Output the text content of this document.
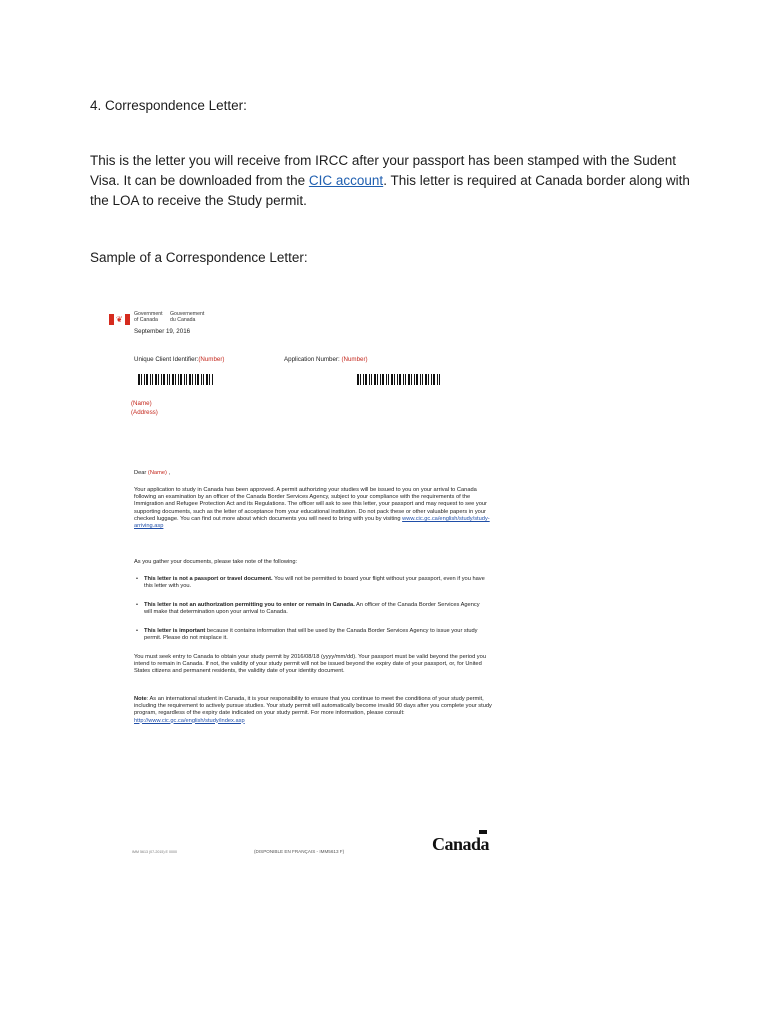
4. Correspondence Letter:
This is the letter you will receive from IRCC after your passport has been stamped with the Sudent Visa. It can be downloaded from the CIC account. This letter is required at Canada border along with the LOA to receive the Study permit.
Sample of a Correspondence Letter:
❦
Government
of Canada
Gouvernement
du Canada
September 19, 2016
Unique Client Identifier:(Number)	Application Number: (Number)
(Name)
(Address)
Dear (Name) ,
Your application to study in Canada has been approved. A permit authorizing your studies will be issued to you on your arrival to Canada following an examination by an officer of the Canada Border Services Agency, subject to your compliance with the requirements of the Immigration and Refugee Protection Act and its Regulations. The officer will ask to see this letter, your passport and may request to see your supporting documents, such as the letter of acceptance from your educational institution. Do not pack these or other valuable papers in your checked luggage. You can find out more about which documents you will need to bring with you by visiting www.cic.gc.ca/english/study/study-arriving.asp
As you gather your documents, please take note of the following:
• This letter is not a passport or travel document. You will not be permitted to board your flight without your passport, even if you have this letter with you.
• This letter is not an authorization permitting you to enter or remain in Canada. An officer of the Canada Border Services Agency will make that determination upon your arrival to Canada.
• This letter is important because it contains information that will be used by the Canada Border Services Agency to issue your study permit. Please do not misplace it.
You must seek entry to Canada to obtain your study permit by 2016/08/18 (yyyy/mm/dd). Your passport must be valid beyond the period you intend to remain in Canada. If not, the validity of your study permit will not be issued beyond the expiry date of your passport, or, for United States citizens and permanent residents, the validity date of your identity document.
Note: As an international student in Canada, it is your responsibility to ensure that you continue to meet the conditions of your study permit, including the requirement to actively pursue studies. Your study permit will automatically become invalid 90 days after you complete your study program, regardless of the expiry date indicated on your study permit. For more information, please consult: http://www.cic.gc.ca/english/study/index.asp
IMM 5613 (07-2015) E 0000	(DISPONIBLE EN FRANÇAIS - IMM5613 F)	Canada
